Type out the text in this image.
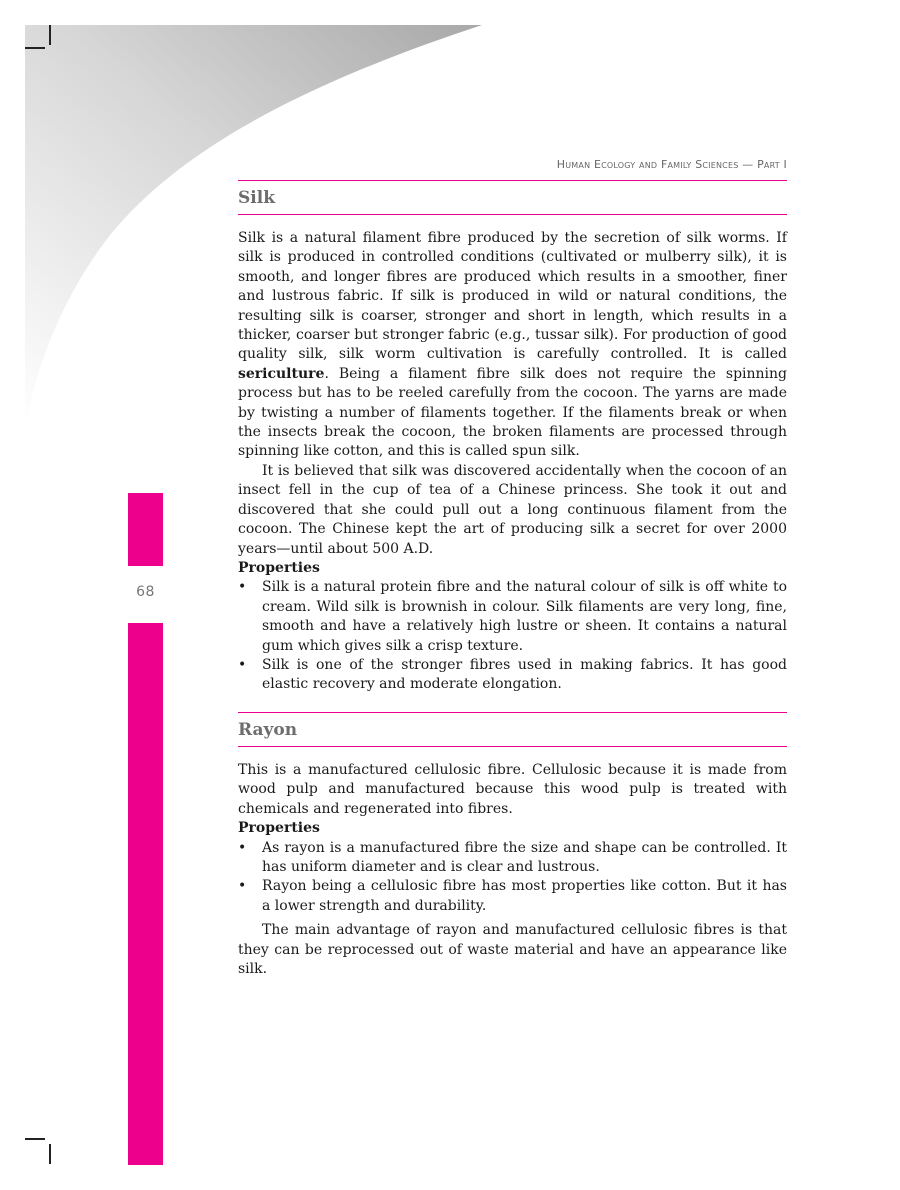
68
Human Ecology and Family Sciences — Part I
Silk

Silk is a natural filament fibre produced by the secretion of silk worms. If silk is produced in controlled conditions (cultivated or mulberry silk), it is smooth, and longer fibres are produced which results in a smoother, finer and lustrous fabric. If silk is produced in wild or natural conditions, the resulting silk is coarser, stronger and short in length, which results in a thicker, coarser but stronger fabric (e.g., tussar silk). For production of good quality silk, silk worm cultivation is carefully controlled. It is called sericulture. Being a filament fibre silk does not require the spinning process but has to be reeled carefully from the cocoon. The yarns are made by twisting a number of filaments together. If the filaments break or when the insects break the cocoon, the broken filaments are processed through spinning like cotton, and this is called spun silk.

It is believed that silk was discovered accidentally when the cocoon of an insect fell in the cup of tea of a Chinese princess. She took it out and discovered that she could pull out a long continuous filament from the cocoon. The Chinese kept the art of producing silk a secret for over 2000 years—until about 500 A.D.

Properties

• Silk is a natural protein fibre and the natural colour of silk is off white to cream. Wild silk is brownish in colour. Silk filaments are very long, fine, smooth and have a relatively high lustre or sheen. It contains a natural gum which gives silk a crisp texture.
• Silk is one of the stronger fibres used in making fabrics. It has good elastic recovery and moderate elongation.
Rayon

This is a manufactured cellulosic fibre. Cellulosic because it is made from wood pulp and manufactured because this wood pulp is treated with chemicals and regenerated into fibres.

Properties

• As rayon is a manufactured fibre the size and shape can be controlled. It has uniform diameter and is clear and lustrous.
• Rayon being a cellulosic fibre has most properties like cotton. But it has a lower strength and durability.

The main advantage of rayon and manufactured cellulosic fibres is that they can be reprocessed out of waste material and have an appearance like silk.
